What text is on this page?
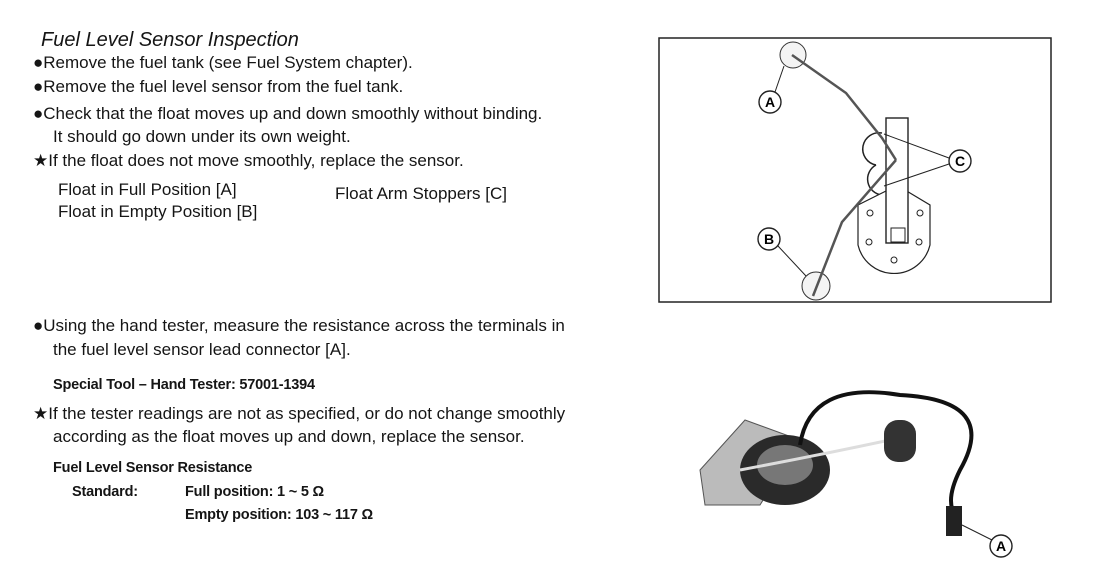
Fuel Level Sensor Inspection
●Remove the fuel tank (see Fuel System chapter).
●Remove the fuel level sensor from the fuel tank.
●Check that the float moves up and down smoothly without binding.
It should go down under its own weight.
★If the float does not move smoothly, replace the sensor.
Float in Full Position [A]
Float in Empty Position [B]
Float Arm Stoppers [C]
A
B
C
●Using the hand tester, measure the resistance across the terminals in
the fuel level sensor lead connector [A].
Special Tool – Hand Tester: 57001-1394
★If the tester readings are not as specified, or do not change smoothly
according as the float moves up and down, replace the sensor.
Fuel Level Sensor Resistance
Standard:	Full position: 1 ~ 5 Ω
Empty position: 103 ~ 117 Ω
A
